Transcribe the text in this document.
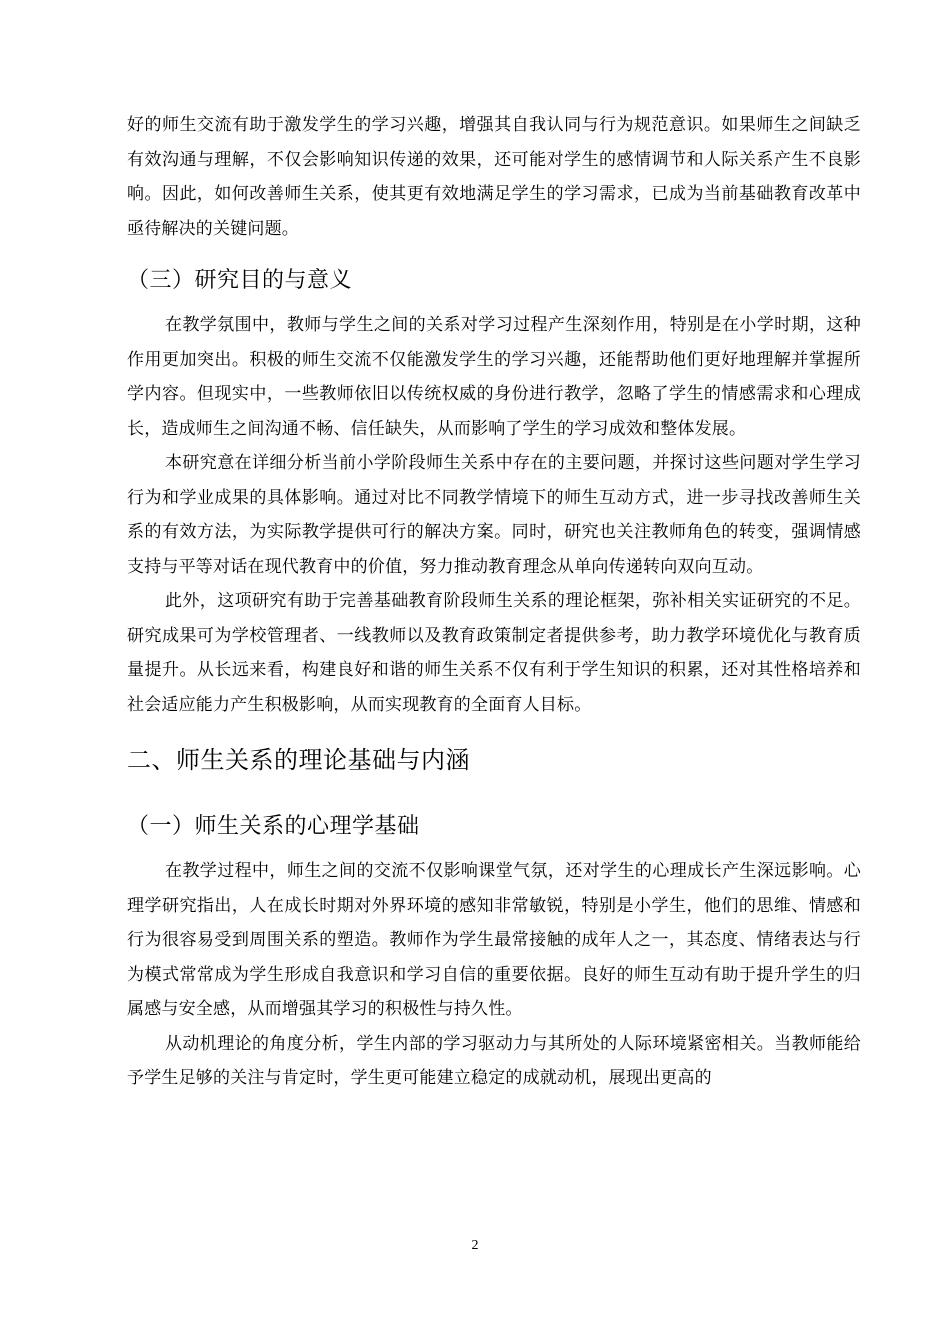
好的师生交流有助于激发学生的学习兴趣，增强其自我认同与行为规范意识。如果师生之间缺乏有效沟通与理解，不仅会影响知识传递的效果，还可能对学生的感情调节和人际关系产生不良影响。因此，如何改善师生关系，使其更有效地满足学生的学习需求，已成为当前基础教育改革中亟待解决的关键问题。

（三）研究目的与意义

在教学氛围中，教师与学生之间的关系对学习过程产生深刻作用，特别是在小学时期，这种作用更加突出。积极的师生交流不仅能激发学生的学习兴趣，还能帮助他们更好地理解并掌握所学内容。但现实中，一些教师依旧以传统权威的身份进行教学，忽略了学生的情感需求和心理成长，造成师生之间沟通不畅、信任缺失，从而影响了学生的学习成效和整体发展。

本研究意在详细分析当前小学阶段师生关系中存在的主要问题，并探讨这些问题对学生学习行为和学业成果的具体影响。通过对比不同教学情境下的师生互动方式，进一步寻找改善师生关系的有效方法，为实际教学提供可行的解决方案。同时，研究也关注教师角色的转变，强调情感支持与平等对话在现代教育中的价值，努力推动教育理念从单向传递转向双向互动。

此外，这项研究有助于完善基础教育阶段师生关系的理论框架，弥补相关实证研究的不足。研究成果可为学校管理者、一线教师以及教育政策制定者提供参考，助力教学环境优化与教育质量提升。从长远来看，构建良好和谐的师生关系不仅有利于学生知识的积累，还对其性格培养和社会适应能力产生积极影响，从而实现教育的全面育人目标。

二、师生关系的理论基础与内涵
（一）师生关系的心理学基础

在教学过程中，师生之间的交流不仅影响课堂气氛，还对学生的心理成长产生深远影响。心理学研究指出，人在成长时期对外界环境的感知非常敏锐，特别是小学生，他们的思维、情感和行为很容易受到周围关系的塑造。教师作为学生最常接触的成年人之一，其态度、情绪表达与行为模式常常成为学生形成自我意识和学习自信的重要依据。良好的师生互动有助于提升学生的归属感与安全感，从而增强其学习的积极性与持久性。

从动机理论的角度分析，学生内部的学习驱动力与其所处的人际环境紧密相关。当教师能给予学生足够的关注与肯定时，学生更可能建立稳定的成就动机，展现出更高的

2
